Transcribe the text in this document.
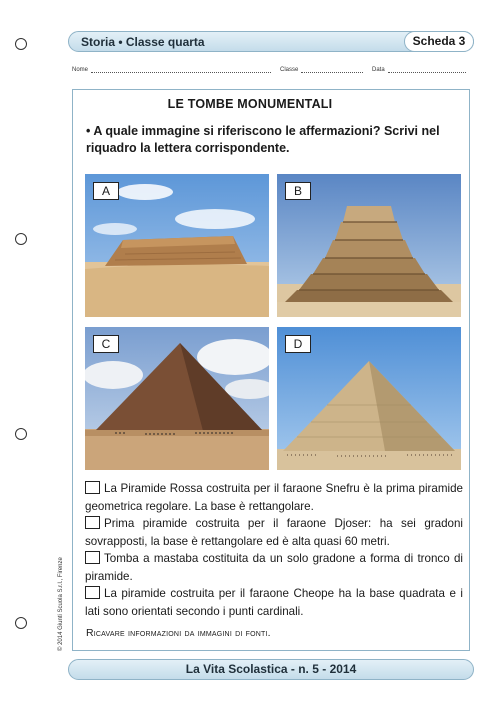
Storia • Classe quarta	Scheda 3
Nome	Classe	Data
LE TOMBE MONUMENTALI
• A quale immagine si riferiscono le affermazioni? Scrivi nel riquadro la lettera corrispondente.
A	B
C	D
La Piramide Rossa costruita per il faraone Snefru è la prima piramide geometrica regolare. La base è rettangolare.
Prima piramide costruita per il faraone Djoser: ha sei gradoni sovrapposti, la base è rettangolare ed è alta quasi 60 metri.
Tomba a mastaba costituita da un solo gradone a forma di tronco di piramide.
La piramide costruita per il faraone Cheope ha la base quadrata e i lati sono orientati secondo i punti cardinali.
Ricavare informazioni da immagini di fonti.
© 2014 Giunti Scuola S.r.l., Firenze
La Vita Scolastica - n. 5 - 2014
